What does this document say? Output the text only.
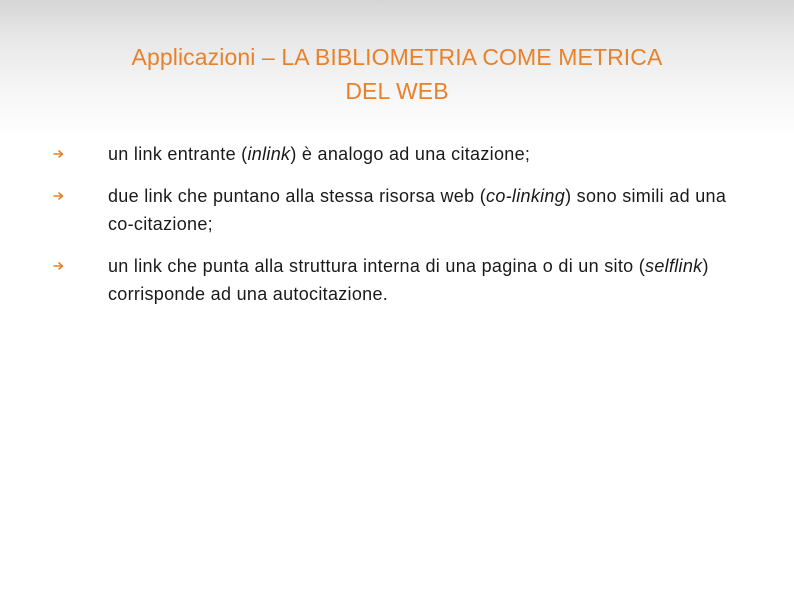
Applicazioni – LA BIBLIOMETRIA COME METRICA
DEL WEB
un link entrante (inlink) è analogo ad una citazione;
due link che puntano alla stessa risorsa web (co-linking) sono simili ad una co-citazione;
un link che punta alla struttura interna di una pagina o di un sito (selflink) corrisponde ad una autocitazione.
